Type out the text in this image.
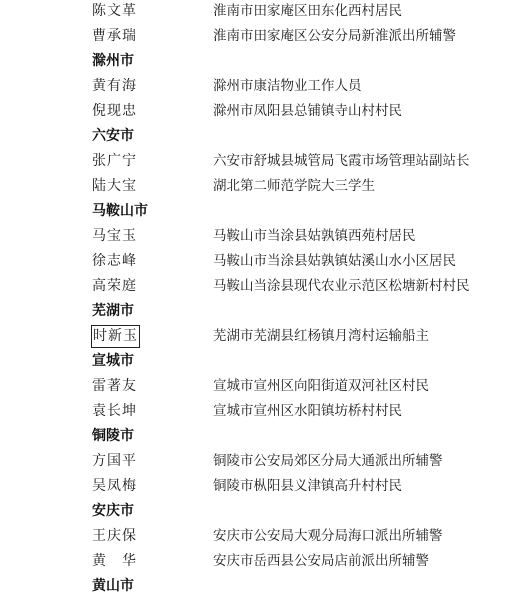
陈文革	淮南市田家庵区田东化西村居民
曹承瑞	淮南市田家庵区公安分局新淮派出所辅警
滁州市
黄有海	滁州市康洁物业工作人员
倪现忠	滁州市凤阳县总铺镇寺山村村民
六安市
张广宁	六安市舒城县城管局飞霞市场管理站副站长
陆大宝	湖北第二师范学院大三学生
马鞍山市
马宝玉	马鞍山市当涂县姑孰镇西苑村居民
徐志峰	马鞍山市当涂县姑孰镇姑溪山水小区居民
高荣庭	马鞍山当涂县现代农业示范区松塘新村村民
芜湖市
时新玉	芜湖市芜湖县红杨镇月湾村运输船主
宣城市
雷著友	宣城市宣州区向阳街道双河社区村民
袁长坤	宣城市宣州区水阳镇坊桥村村民
铜陵市
方国平	铜陵市公安局郊区分局大通派出所辅警
吴凤梅	铜陵市枞阳县义津镇高升村村民
安庆市
王庆保	安庆市公安局大观分局海口派出所辅警
黄　华	安庆市岳西县公安局店前派出所辅警
黄山市
